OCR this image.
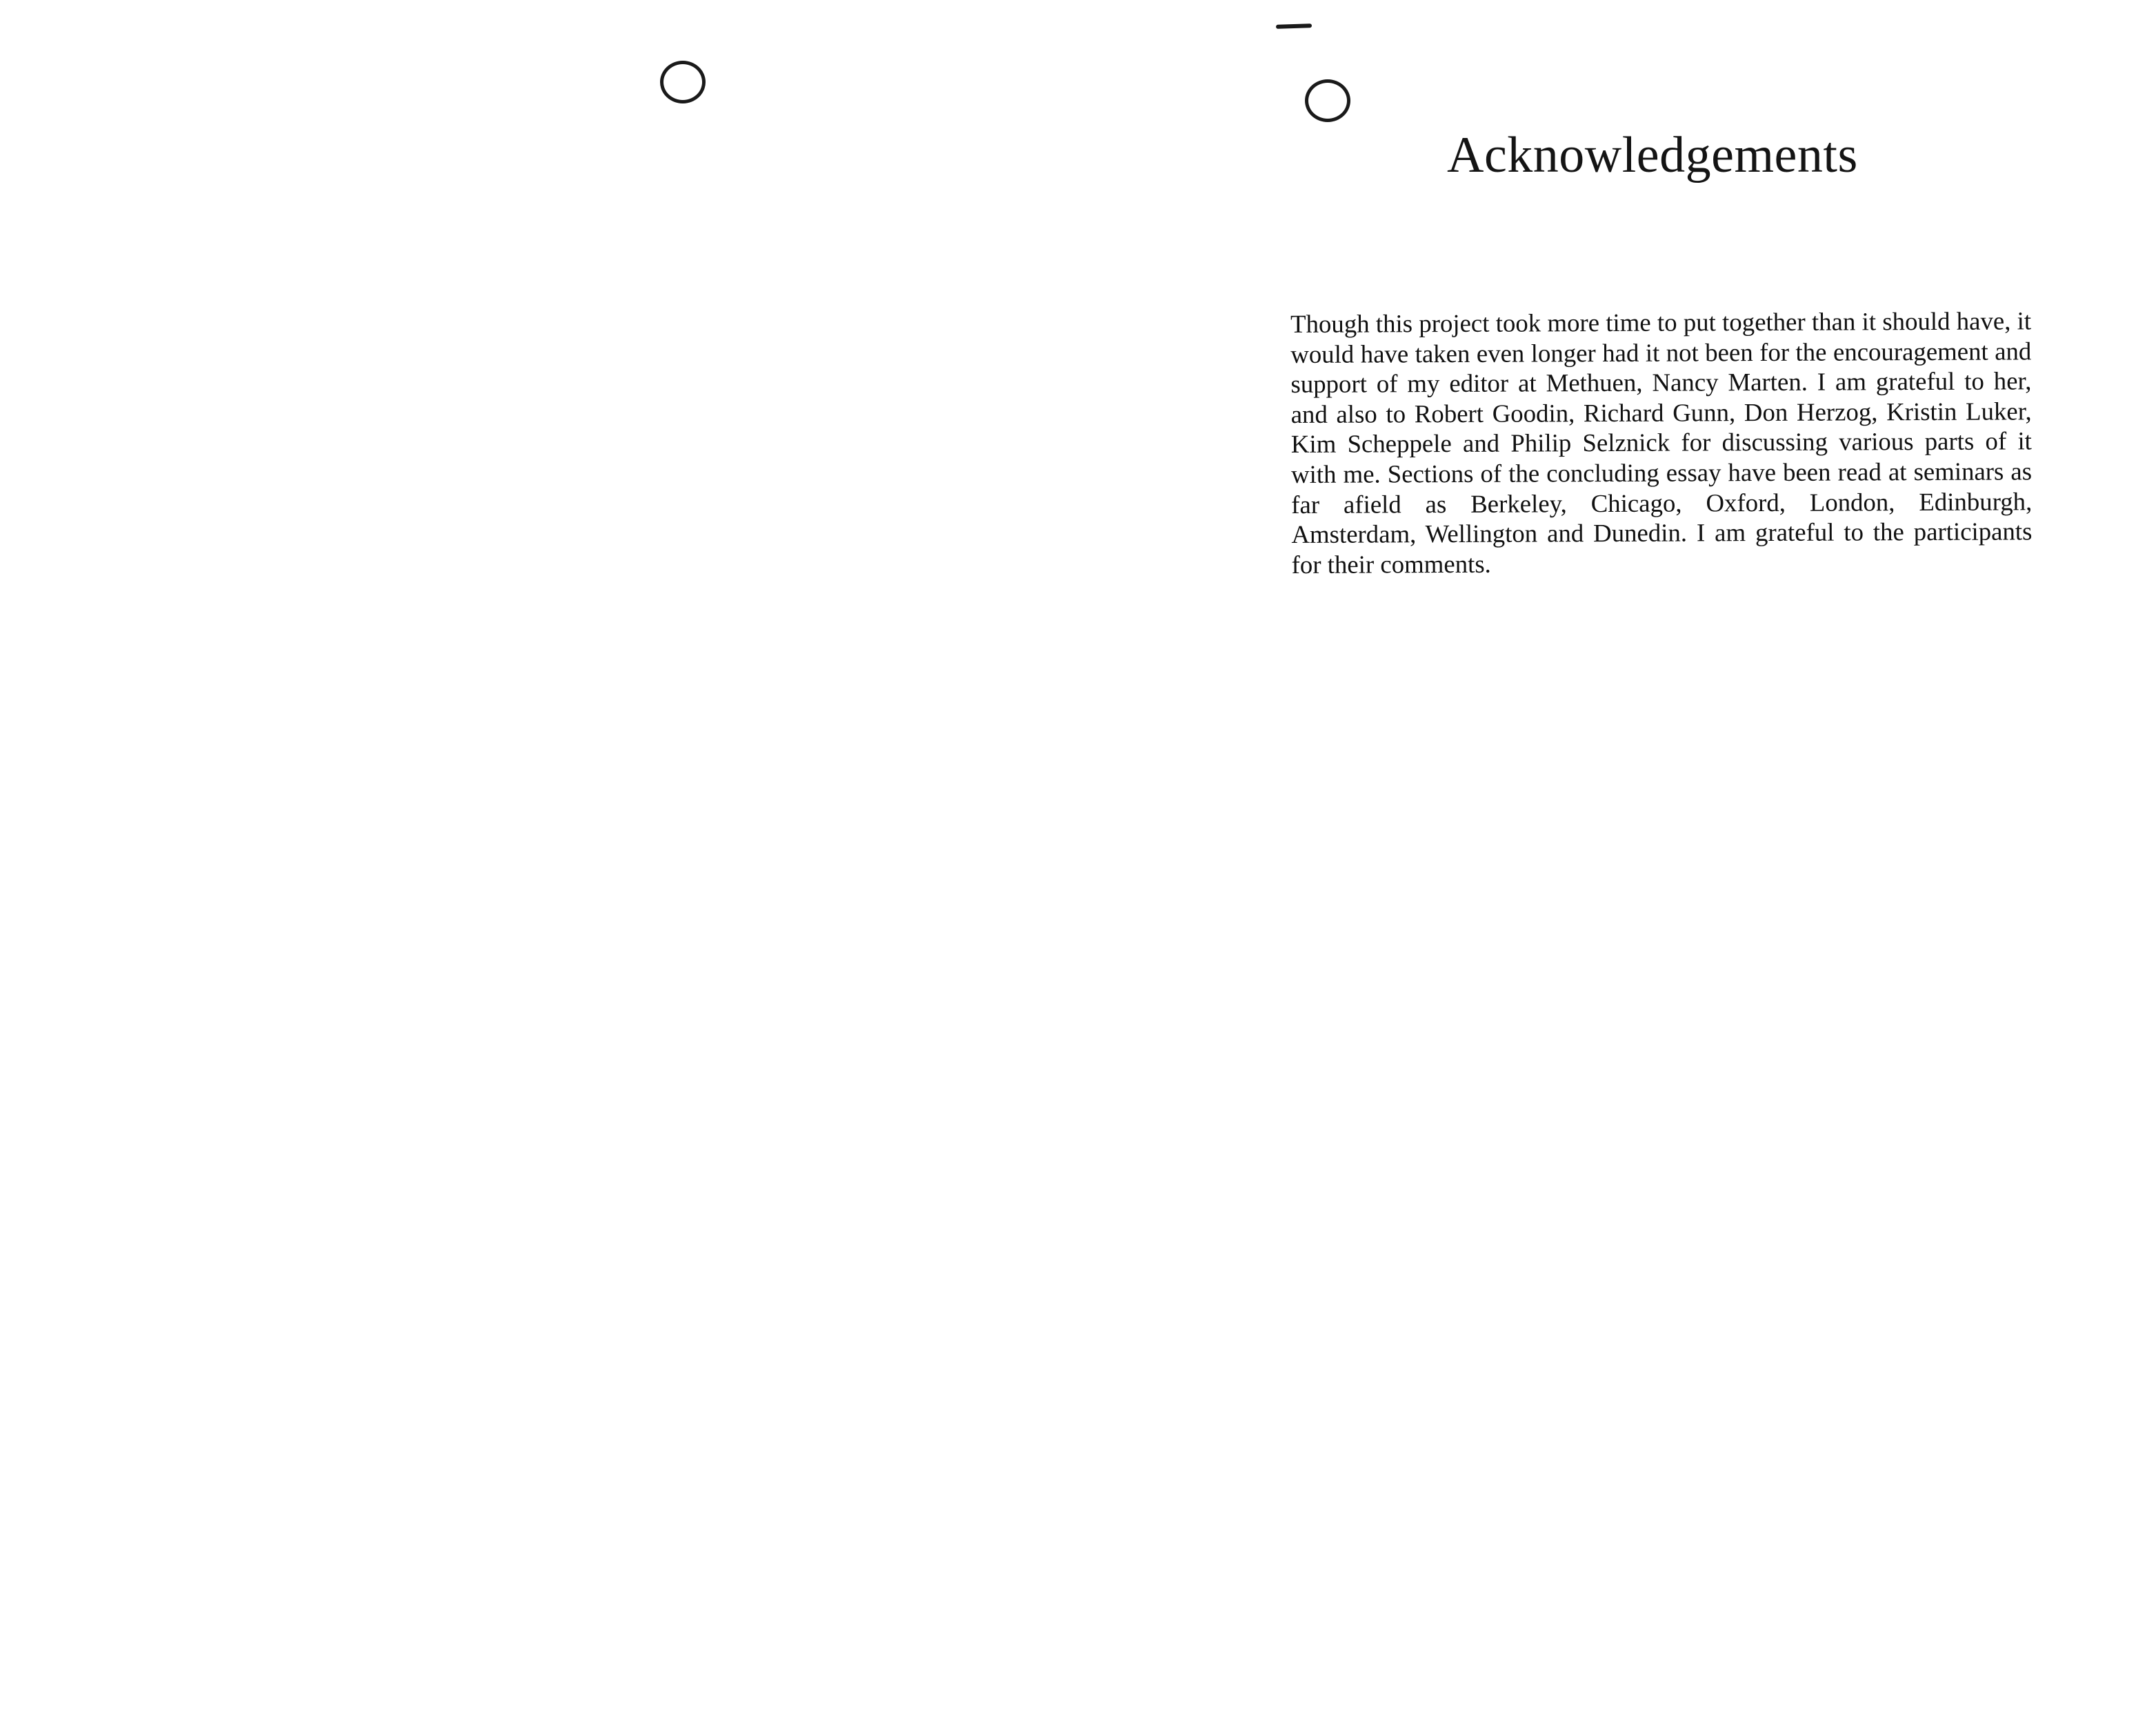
Acknowledgements

Though this project took more time to put together than it should have, it would have taken even longer had it not been for the encouragement and support of my editor at Methuen, Nancy Marten. I am grateful to her, and also to Robert Goodin, Richard Gunn, Don Herzog, Kristin Luker, Kim Scheppele and Philip Selznick for discussing various parts of it with me. Sections of the concluding essay have been read at seminars as far afield as Berkeley, Chicago, Oxford, London, Edinburgh, Amsterdam, Wellington and Dunedin. I am grateful to the participants for their comments.
